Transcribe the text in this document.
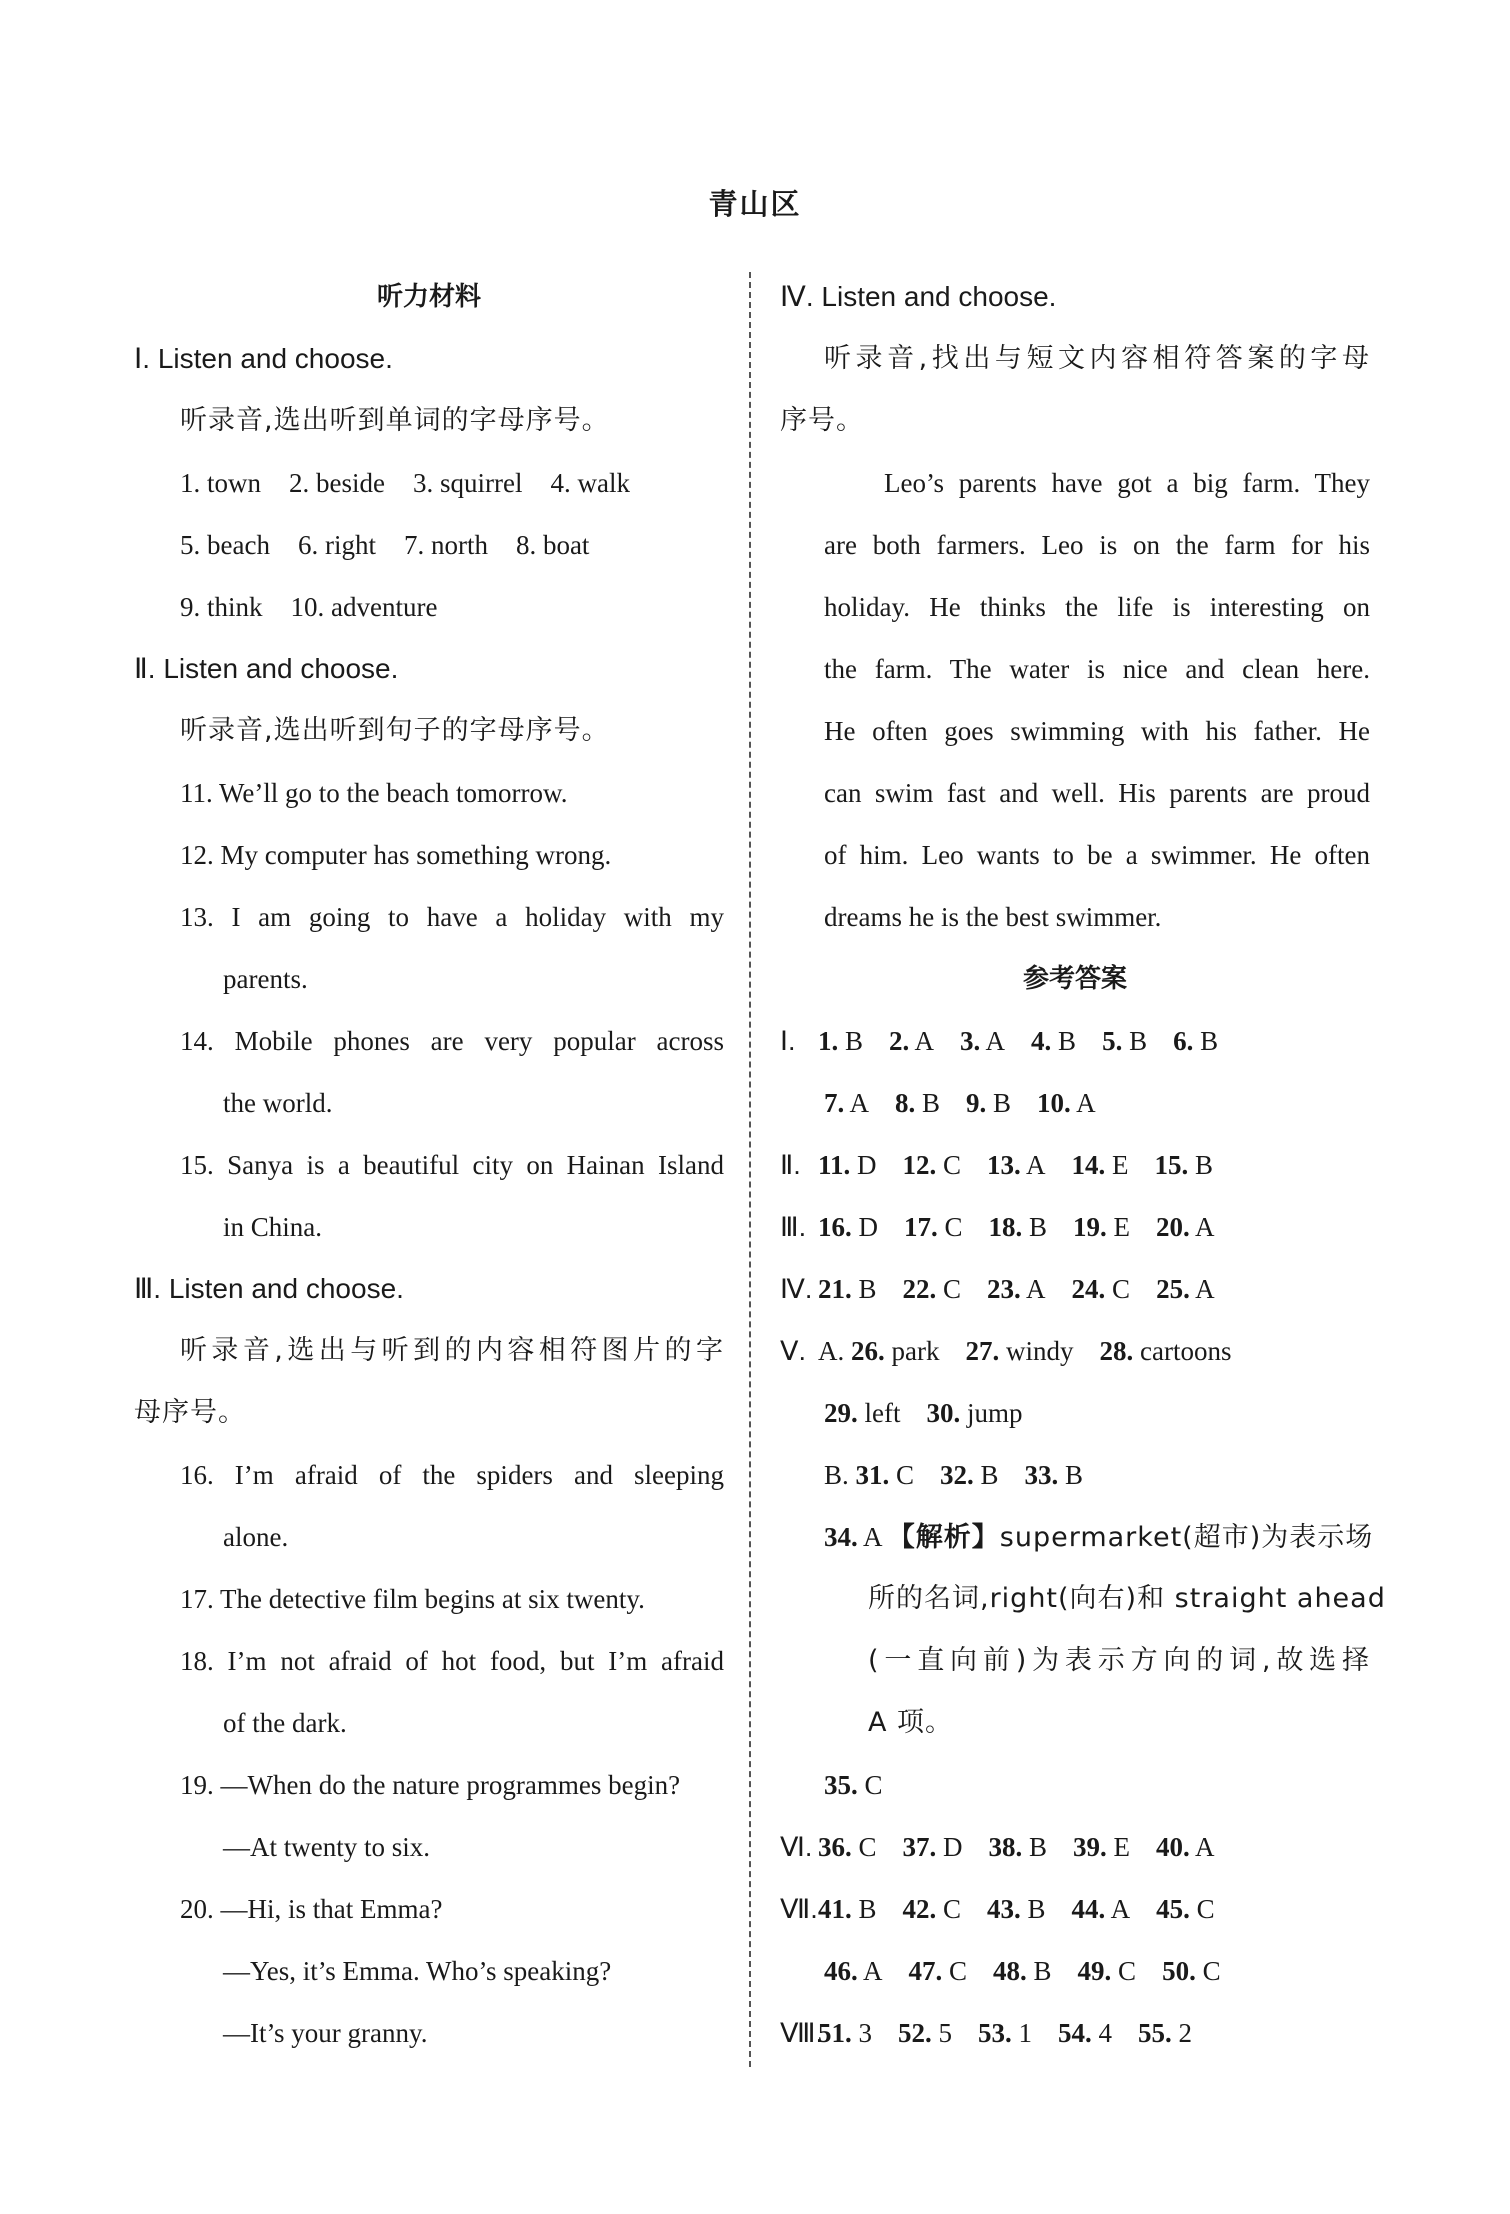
青山区
听力材料
Ⅰ. Listen and choose.
听录音,选出听到单词的字母序号。
1. town 2. beside 3. squirrel 4. walk
5. beach 6. right 7. north 8. boat
9. think 10. adventure
Ⅱ. Listen and choose.
听录音,选出听到句子的字母序号。
11. We’ll go to the beach tomorrow.
12. My computer has something wrong.
13. I am going to have a holiday with my
parents.
14. Mobile phones are very popular across
the world.
15. Sanya is a beautiful city on Hainan Island
in China.
Ⅲ. Listen and choose.
听录音,选出与听到的内容相符图片的字
母序号。
16. I’m afraid of the spiders and sleeping
alone.
17. The detective film begins at six twenty.
18. I’m not afraid of hot food, but I’m afraid
of the dark.
19. —When do the nature programmes begin?
—At twenty to six.
20. —Hi, is that Emma?
—Yes, it’s Emma. Who’s speaking?
—It’s your granny.
Ⅳ. Listen and choose.
听录音,找出与短文内容相符答案的字母
序号。
Leo’s parents have got a big farm. They
are both farmers. Leo is on the farm for his
holiday. He thinks the life is interesting on
the farm. The water is nice and clean here.
He often goes swimming with his father. He
can swim fast and well. His parents are proud
of him. Leo wants to be a swimmer. He often
dreams he is the best swimmer.
参考答案
Ⅰ. 1. B 2. A 3. A 4. B 5. B 6. B
7. A 8. B 9. B 10. A
Ⅱ. 11. D 12. C 13. A 14. E 15. B
Ⅲ. 16. D 17. C 18. B 19. E 20. A
Ⅳ. 21. B 22. C 23. A 24. C 25. A
Ⅴ. A. 26. park 27. windy 28. cartoons
29. left 30. jump
B. 31. C 32. B 33. B
34. A 【解析】supermarket(超市)为表示场
所的名词,right(向右)和 straight ahead
(一直向前)为表示方向的词,故选择
A 项。
35. C
Ⅵ. 36. C 37. D 38. B 39. E 40. A
Ⅶ.41. B 42. C 43. B 44. A 45. C
46. A 47. C 48. B 49. C 50. C
Ⅷ.51. 3 52. 5 53. 1 54. 4 55. 2
